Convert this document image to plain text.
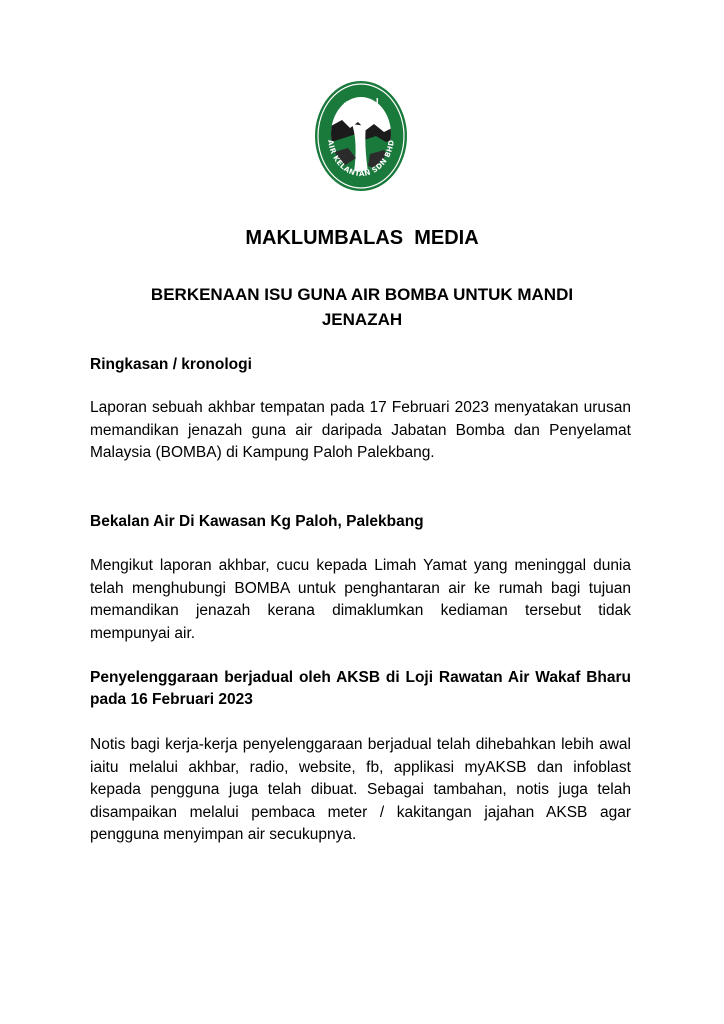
اير كلنتن
AIR KELANTAN SDN BHD
MAKLUMBALAS  MEDIA
BERKENAAN ISU GUNA AIR BOMBA UNTUK MANDI JENAZAH
Ringkasan / kronologi
Laporan sebuah akhbar tempatan pada 17 Februari 2023 menyatakan urusan memandikan jenazah guna air daripada Jabatan Bomba dan Penyelamat Malaysia (BOMBA) di Kampung Paloh Palekbang.
Bekalan Air Di Kawasan Kg Paloh, Palekbang
Mengikut laporan akhbar, cucu kepada Limah Yamat yang meninggal dunia telah menghubungi BOMBA untuk penghantaran air ke rumah bagi tujuan memandikan jenazah kerana dimaklumkan kediaman tersebut tidak mempunyai air.
Penyelenggaraan berjadual oleh AKSB di Loji Rawatan Air Wakaf Bharu pada 16 Februari 2023
Notis bagi kerja-kerja penyelenggaraan berjadual telah dihebahkan lebih awal iaitu melalui akhbar, radio, website, fb, applikasi myAKSB dan infoblast kepada pengguna juga telah dibuat. Sebagai tambahan, notis juga telah disampaikan melalui pembaca meter / kakitangan jajahan AKSB agar pengguna menyimpan air secukupnya.
